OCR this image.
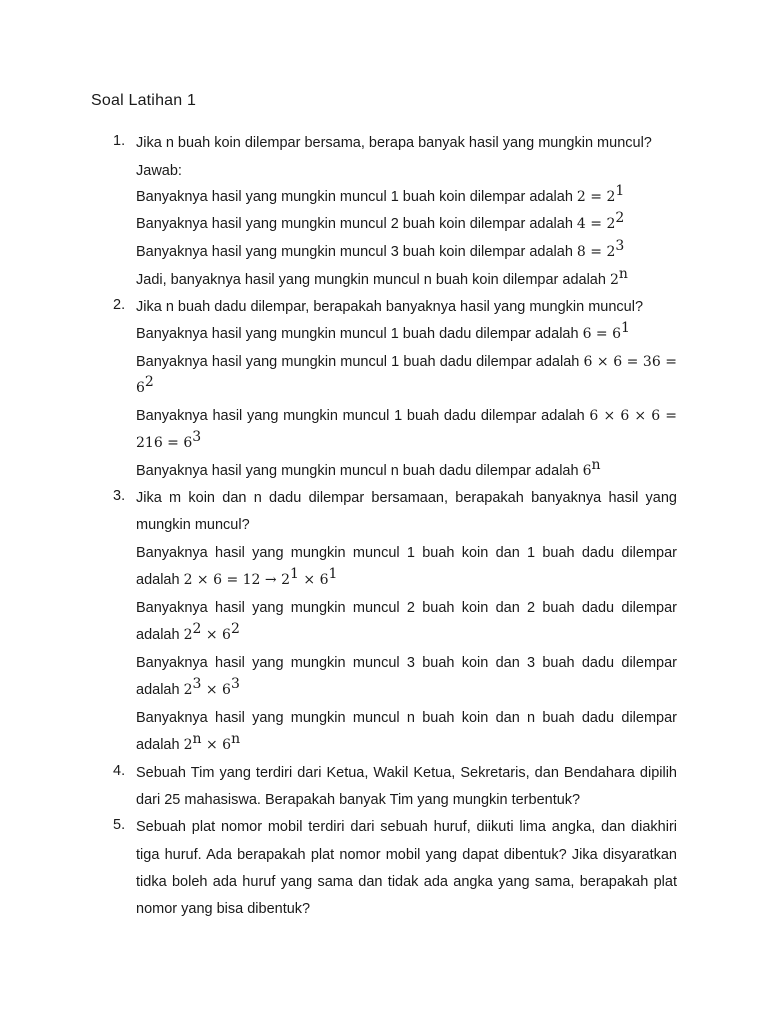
Soal Latihan 1
1. Jika n buah koin dilempar bersama, berapa banyak hasil yang mungkin muncul?
Jawab:
Banyaknya hasil yang mungkin muncul 1 buah koin dilempar adalah $2 = 2^1$
Banyaknya hasil yang mungkin muncul 2 buah koin dilempar adalah $4 = 2^2$
Banyaknya hasil yang mungkin muncul 3 buah koin dilempar adalah $8 = 2^3$
Jadi, banyaknya hasil yang mungkin muncul n buah koin dilempar adalah 2$^n$
2. Jika n buah dadu dilempar, berapakah banyaknya hasil yang mungkin muncul?
Banyaknya hasil yang mungkin muncul 1 buah dadu dilempar adalah $6 = 6^1$
Banyaknya hasil yang mungkin muncul 1 buah dadu dilempar adalah 6 × 6 = 36 =
$6^2$
Banyaknya hasil yang mungkin muncul 1 buah dadu dilempar adalah 6 × 6 × 6 =
$216 = 6^3$
Banyaknya hasil yang mungkin muncul n buah dadu dilempar adalah 6$^n$
3. Jika m koin dan n dadu dilempar bersamaan, berapakah banyaknya hasil yang
mungkin muncul?
Banyaknya hasil yang mungkin muncul 1 buah koin dan 1 buah dadu dilempar
adalah $2 \times 6 = 12 \to 2^1 \times 6^1$
Banyaknya hasil yang mungkin muncul 2 buah koin dan 2 buah dadu dilempar
adalah $2^2 \times 6^2$
Banyaknya hasil yang mungkin muncul 3 buah koin dan 3 buah dadu dilempar
adalah $2^3 \times 6^3$
Banyaknya hasil yang mungkin muncul n buah koin dan n buah dadu dilempar
adalah $2^n \times 6^n$
4. Sebuah Tim yang terdiri dari Ketua, Wakil Ketua, Sekretaris, dan Bendahara dipilih
dari 25 mahasiswa. Berapakah banyak Tim yang mungkin terbentuk?
5. Sebuah plat nomor mobil terdiri dari sebuah huruf, diikuti lima angka, dan diakhiri
tiga huruf. Ada berapakah plat nomor mobil yang dapat dibentuk? Jika disyaratkan
tidka boleh ada huruf yang sama dan tidak ada angka yang sama, berapakah plat
nomor yang bisa dibentuk?
